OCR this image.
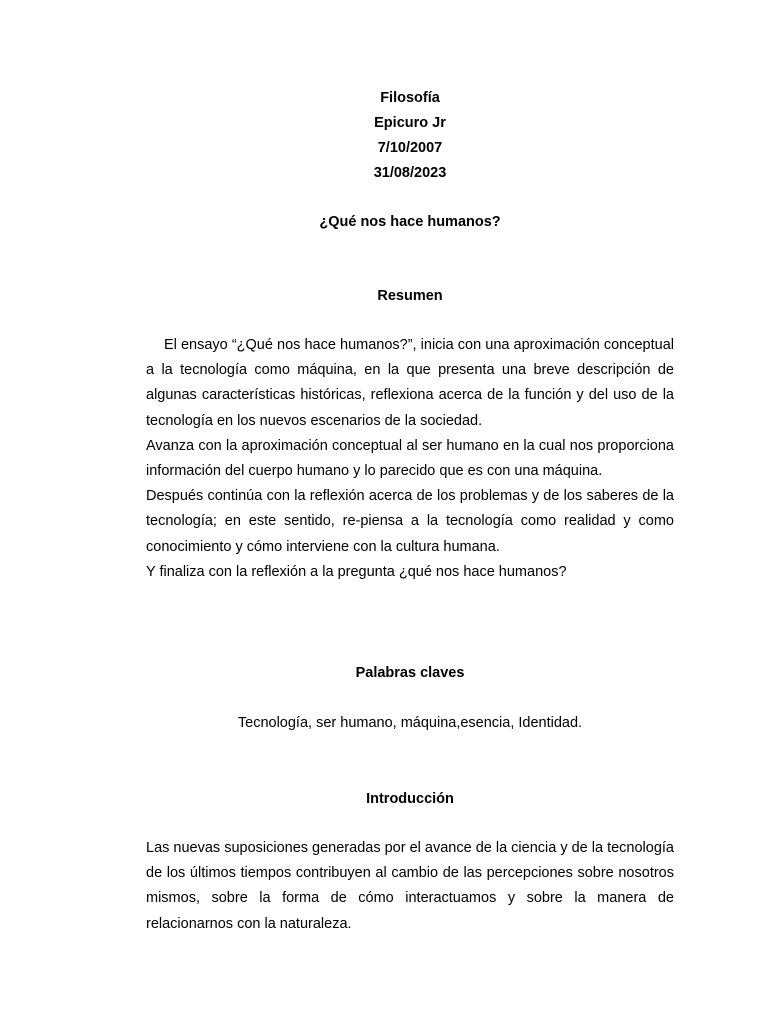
Filosofía
Epicuro Jr
7/10/2007
31/08/2023
¿Qué nos hace humanos?
Resumen

El ensayo “¿Qué nos hace humanos?”, inicia con una aproximación conceptual a la tecnología como máquina, en la que presenta una breve descripción de algunas características históricas, reflexiona acerca de la función y del uso de la tecnología en los nuevos escenarios de la sociedad.

Avanza con la aproximación conceptual al ser humano en la cual nos proporciona información del cuerpo humano y lo parecido que es con una máquina.

Después continúa con la reflexión acerca de los problemas y de los saberes de la tecnología; en este sentido, re-piensa a la tecnología como realidad y como conocimiento y cómo interviene con la cultura humana.

Y finaliza con la reflexión a la pregunta ¿qué nos hace humanos?

Palabras claves
Tecnología, ser humano, máquina,esencia, Identidad.
Introducción

Las nuevas suposiciones generadas por el avance de la ciencia y de la tecnología de los últimos tiempos contribuyen al cambio de las percepciones sobre nosotros mismos, sobre la forma de cómo interactuamos y sobre la manera de relacionarnos con la naturaleza.
